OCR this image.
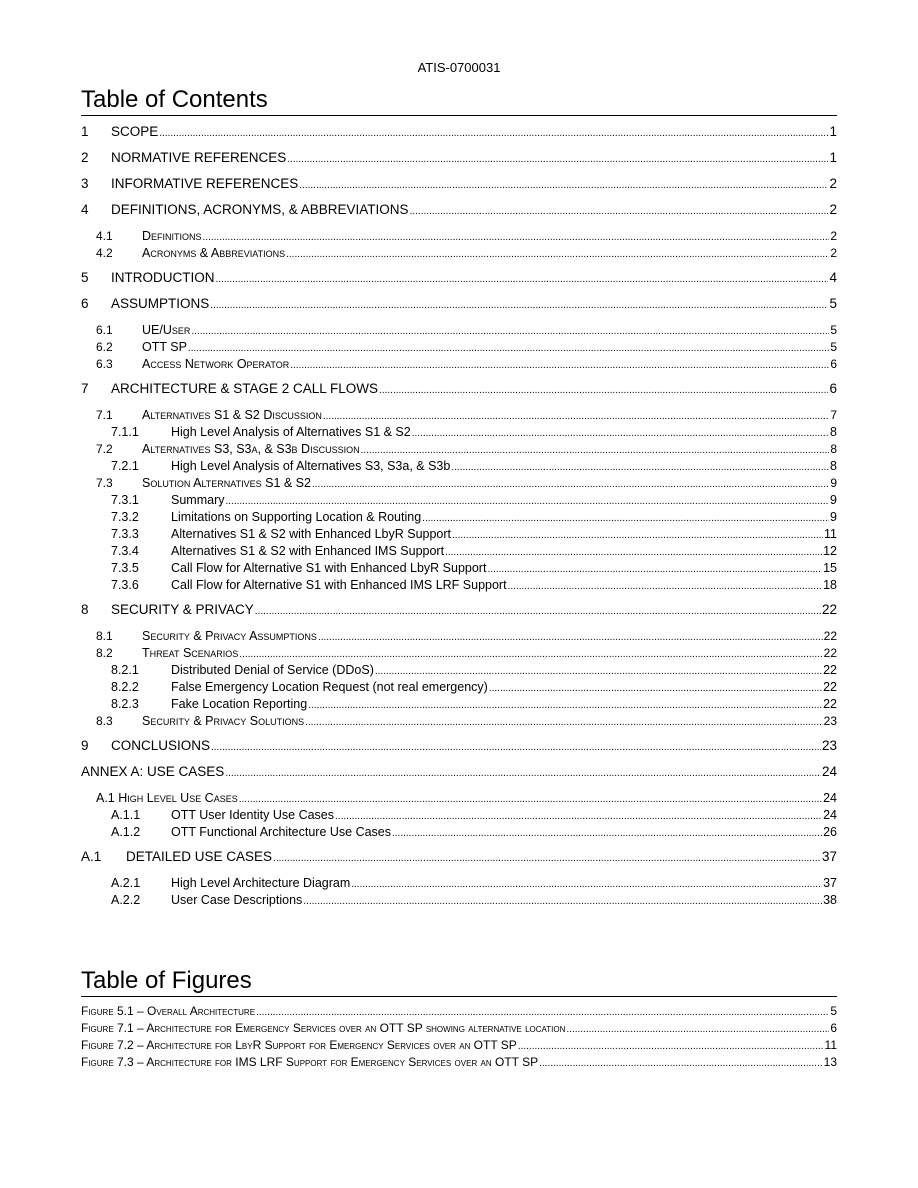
ATIS-0700031
Table of Contents
1	SCOPE .....	1
2	NORMATIVE REFERENCES .....	1
3	INFORMATIVE REFERENCES .....	2
4	DEFINITIONS, ACRONYMS, & ABBREVIATIONS .....	2
4.1	Definitions .....	2
4.2	Acronyms & Abbreviations .....	2
5	INTRODUCTION .....	4
6	ASSUMPTIONS .....	5
6.1	UE/User .....	5
6.2	OTT SP .....	5
6.3	Access Network Operator .....	6
7	ARCHITECTURE & STAGE 2 CALL FLOWS .....	6
7.1	Alternatives S1 & S2 Discussion .....	7
7.1.1	High Level Analysis of Alternatives S1 & S2 .....	8
7.2	Alternatives S3, S3a, & S3b Discussion .....	8
7.2.1	High Level Analysis of Alternatives S3, S3a, & S3b .....	8
7.3	Solution Alternatives S1 & S2 .....	9
7.3.1	Summary .....	9
7.3.2	Limitations on Supporting Location & Routing .....	9
7.3.3	Alternatives S1 & S2 with Enhanced LbyR Support .....	11
7.3.4	Alternatives S1 & S2 with Enhanced IMS Support .....	12
7.3.5	Call Flow for Alternative S1 with Enhanced LbyR Support .....	15
7.3.6	Call Flow for Alternative S1 with Enhanced IMS LRF Support .....	18
8	SECURITY & PRIVACY .....	22
8.1	Security & Privacy Assumptions .....	22
8.2	Threat Scenarios .....	22
8.2.1	Distributed Denial of Service (DDoS) .....	22
8.2.2	False Emergency Location Request (not real emergency) .....	22
8.2.3	Fake Location Reporting .....	22
8.3	Security & Privacy Solutions .....	23
9	CONCLUSIONS .....	23
ANNEX A: USE CASES .....	24
A.1 High Level Use Cases .....	24
A.1.1	OTT User Identity Use Cases .....	24
A.1.2	OTT Functional Architecture Use Cases .....	26
A.1	DETAILED USE CASES .....	37
A.2.1	High Level Architecture Diagram .....	37
A.2.2	User Case Descriptions .....	38
Table of Figures
Figure 5.1 – Overall Architecture .....	5
Figure 7.1 – Architecture for Emergency Services over an OTT SP showing alternative location .....	6
Figure 7.2 – Architecture for LbyR Support for Emergency Services over an OTT SP .....	11
Figure 7.3 – Architecture for IMS LRF Support for Emergency Services over an OTT SP .....	13
